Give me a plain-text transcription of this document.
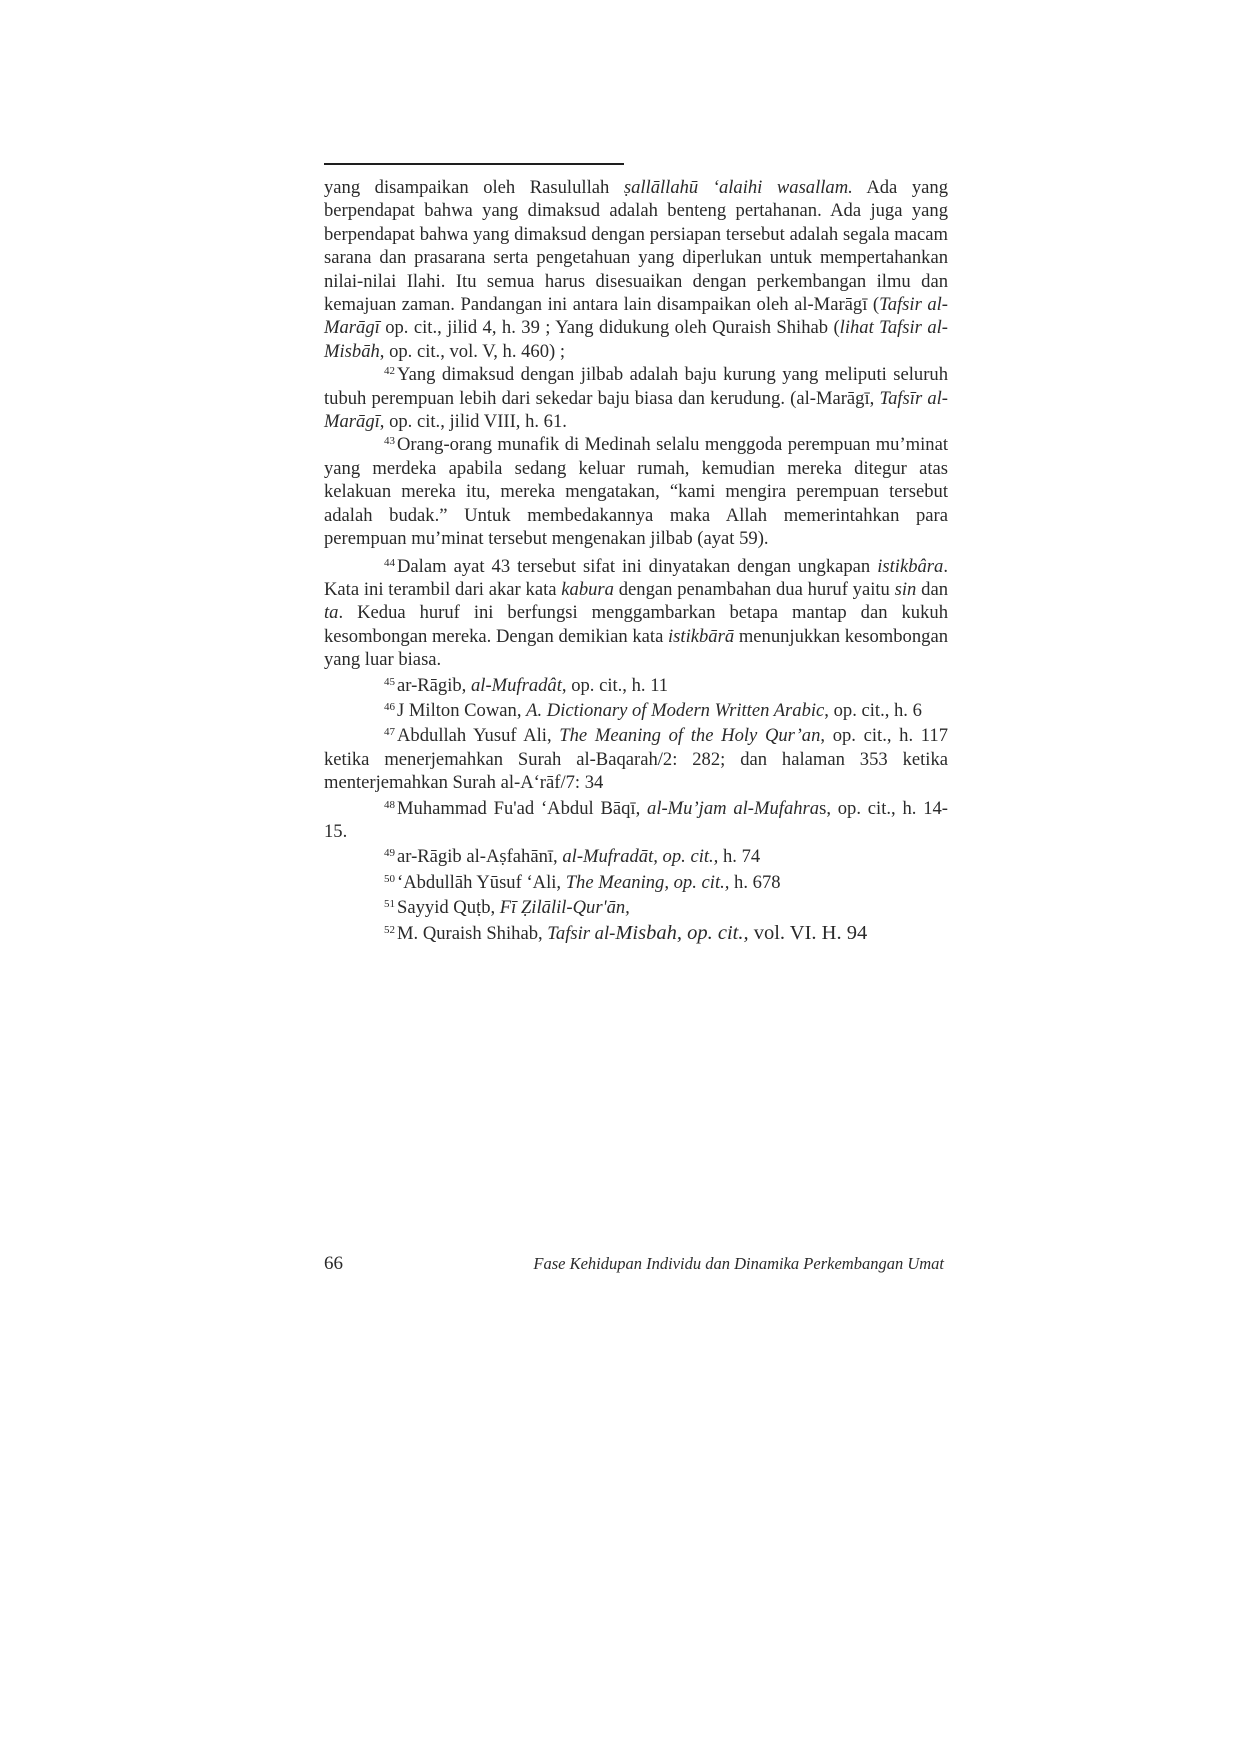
yang disampaikan oleh Rasulullah ṣallāllahū ‘alaihi wasallam. Ada yang berpendapat bahwa yang dimaksud adalah benteng pertahanan. Ada juga yang berpendapat bahwa yang dimaksud dengan persiapan tersebut adalah segala macam sarana dan prasarana serta pengetahuan yang diperlukan untuk mempertahankan nilai-nilai Ilahi. Itu semua harus disesuaikan dengan perkembangan ilmu dan kemajuan zaman. Pandangan ini antara lain disampaikan oleh al-Marāgī (Tafsir al-Marāgī op. cit., jilid 4, h. 39 ; Yang didukung oleh Quraish Shihab (lihat Tafsir al-Misbāh, op. cit., vol. V, h. 460) ;

$^{42}$ Yang dimaksud dengan jilbab adalah baju kurung yang meliputi seluruh tubuh perempuan lebih dari sekedar baju biasa dan kerudung. (al-Marāgī, Tafsīr al-Marāgī, op. cit., jilid VIII, h. 61.

$^{43}$ Orang-orang munafik di Medinah selalu menggoda perempuan mu’minat yang merdeka apabila sedang keluar rumah, kemudian mereka ditegur atas kelakuan mereka itu, mereka mengatakan, “kami mengira perempuan tersebut adalah budak.” Untuk membedakannya maka Allah memerintahkan para perempuan mu’minat tersebut mengenakan jilbab (ayat 59).

$^{44}$ Dalam ayat 43 tersebut sifat ini dinyatakan dengan ungkapan istikbâra. Kata ini terambil dari akar kata kabura dengan penambahan dua huruf yaitu sin dan ta. Kedua huruf ini berfungsi menggambarkan betapa mantap dan kukuh kesombongan mereka. Dengan demikian kata istikbārā menunjukkan kesombongan yang luar biasa.

$^{45}$ ar-Rāgib, al-Mufradât, op. cit., h. 11

$^{46}$ J Milton Cowan, A. Dictionary of Modern Written Arabic, op. cit., h. 6

$^{47}$ Abdullah Yusuf Ali, The Meaning of the Holy Qur’an, op. cit., h. 117 ketika menerjemahkan Surah al-Baqarah/2: 282; dan halaman 353 ketika menterjemahkan Surah al-A‘rāf/7: 34

$^{48}$ Muhammad Fu'ad ‘Abdul Bāqī, al-Mu’jam al-Mufahras, op. cit., h. 14-15.

$^{49}$ ar-Rāgib al-Aṣfahānī, al-Mufradāt, op. cit., h. 74

$^{50}$ ‘Abdullāh Yūsuf ‘Ali, The Meaning, op. cit., h. 678

$^{51}$ Sayyid Quṭb, Fī Ẓilālil-Qur'ān,

$^{52}$ M. Quraish Shihab, Tafsir al-Misbah, op. cit., vol. VI. H. 94

66	Fase Kehidupan Individu dan Dinamika Perkembangan Umat
